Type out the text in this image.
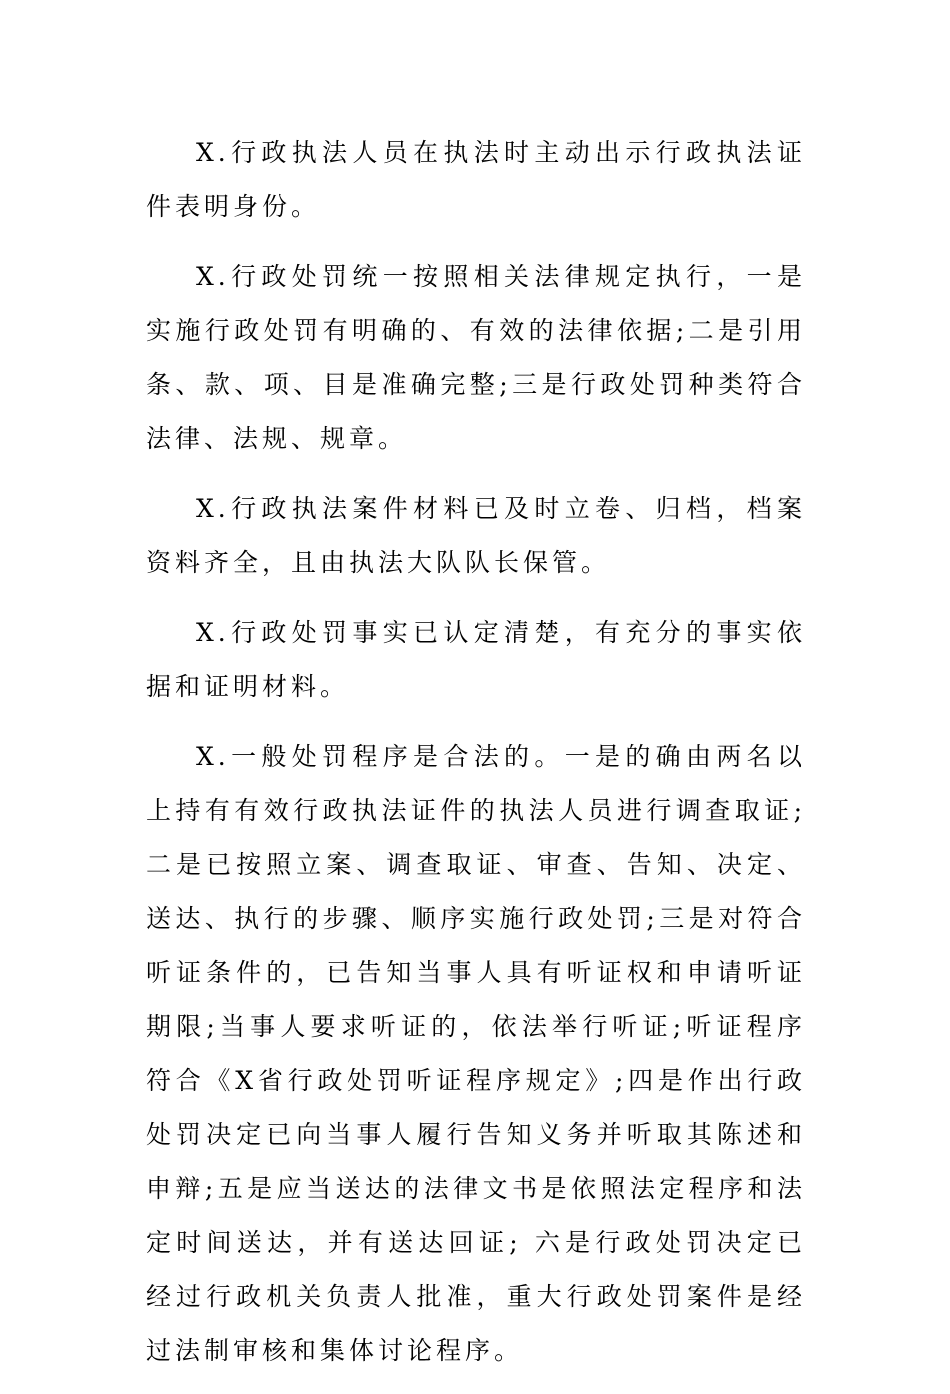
X.行政执法人员在执法时主动出示行政执法证件表明身份。

X.行政处罚统一按照相关法律规定执行，一是实施行政处罚有明确的、有效的法律依据;二是引用条、款、项、目是准确完整;三是行政处罚种类符合法律、法规、规章。

X.行政执法案件材料已及时立卷、归档，档案资料齐全，且由执法大队队长保管。

X.行政处罚事实已认定清楚，有充分的事实依据和证明材料。

X.一般处罚程序是合法的。一是的确由两名以上持有有效行政执法证件的执法人员进行调查取证;二是已按照立案、调查取证、审查、告知、决定、送达、执行的步骤、顺序实施行政处罚;三是对符合听证条件的，已告知当事人具有听证权和申请听证期限;当事人要求听证的，依法举行听证;听证程序符合《X省行政处罚听证程序规定》;四是作出行政处罚决定已向当事人履行告知义务并听取其陈述和申辩;五是应当送达的法律文书是依照法定程序和法定时间送达，并有送达回证; 六是行政处罚决定已经过行政机关负责人批准，重大行政处罚案件是经过法制审核和集体讨论程序。
